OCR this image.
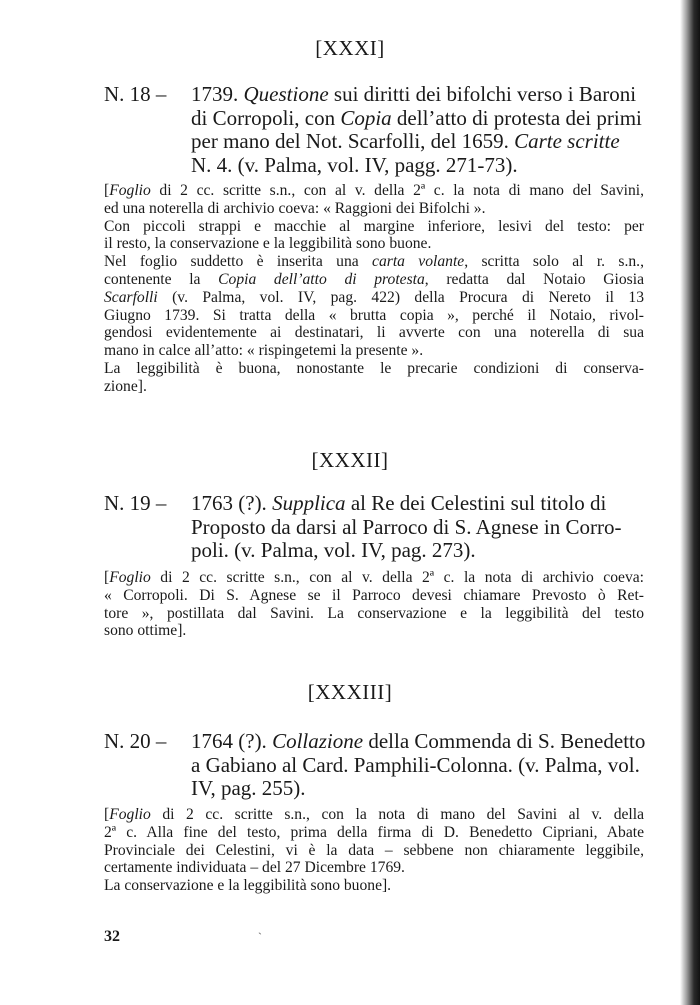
[XXXI]
N. 18 – 1739. Questione sui diritti dei bifolchi verso i Baroni
di Corropoli, con Copia dell’atto di protesta dei primi
per mano del Not. Scarfolli, del 1659. Carte scritte
N. 4. (v. Palma, vol. IV, pagg. 271-73).
[Foglio di 2 cc. scritte s.n., con al v. della 2ª c. la nota di mano del Savini,
ed una noterella di archivio coeva: « Raggioni dei Bifolchi ».
Con piccoli strappi e macchie al margine inferiore, lesivi del testo: per
il resto, la conservazione e la leggibilità sono buone.
Nel foglio suddetto è inserita una carta volante, scritta solo al r. s.n.,
contenente la Copia dell’atto di protesta, redatta dal Notaio Giosia
Scarfolli (v. Palma, vol. IV, pag. 422) della Procura di Nereto il 13
Giugno 1739. Si tratta della « brutta copia », perché il Notaio, rivol-
gendosi evidentemente ai destinatari, li avverte con una noterella di sua
mano in calce all’atto: « rispingetemi la presente ».
La leggibilità è buona, nonostante le precarie condizioni di conserva-
zione].
[XXXII]
N. 19 – 1763 (?). Supplica al Re dei Celestini sul titolo di
Proposto da darsi al Parroco di S. Agnese in Corro-
poli. (v. Palma, vol. IV, pag. 273).
[Foglio di 2 cc. scritte s.n., con al v. della 2ª c. la nota di archivio coeva:
« Corropoli. Di S. Agnese se il Parroco devesi chiamare Prevosto ò Ret-
tore », postillata dal Savini. La conservazione e la leggibilità del testo
sono ottime].
[XXXIII]
N. 20 – 1764 (?). Collazione della Commenda di S. Benedetto
a Gabiano al Card. Pamphili-Colonna. (v. Palma, vol.
IV, pag. 255).
[Foglio di 2 cc. scritte s.n., con la nota di mano del Savini al v. della
2ª c. Alla fine del testo, prima della firma di D. Benedetto Cipriani, Abate
Provinciale dei Celestini, vi è la data – sebbene non chiaramente leggibile,
certamente individuata – del 27 Dicembre 1769.
La conservazione e la leggibilità sono buone].
32	`
